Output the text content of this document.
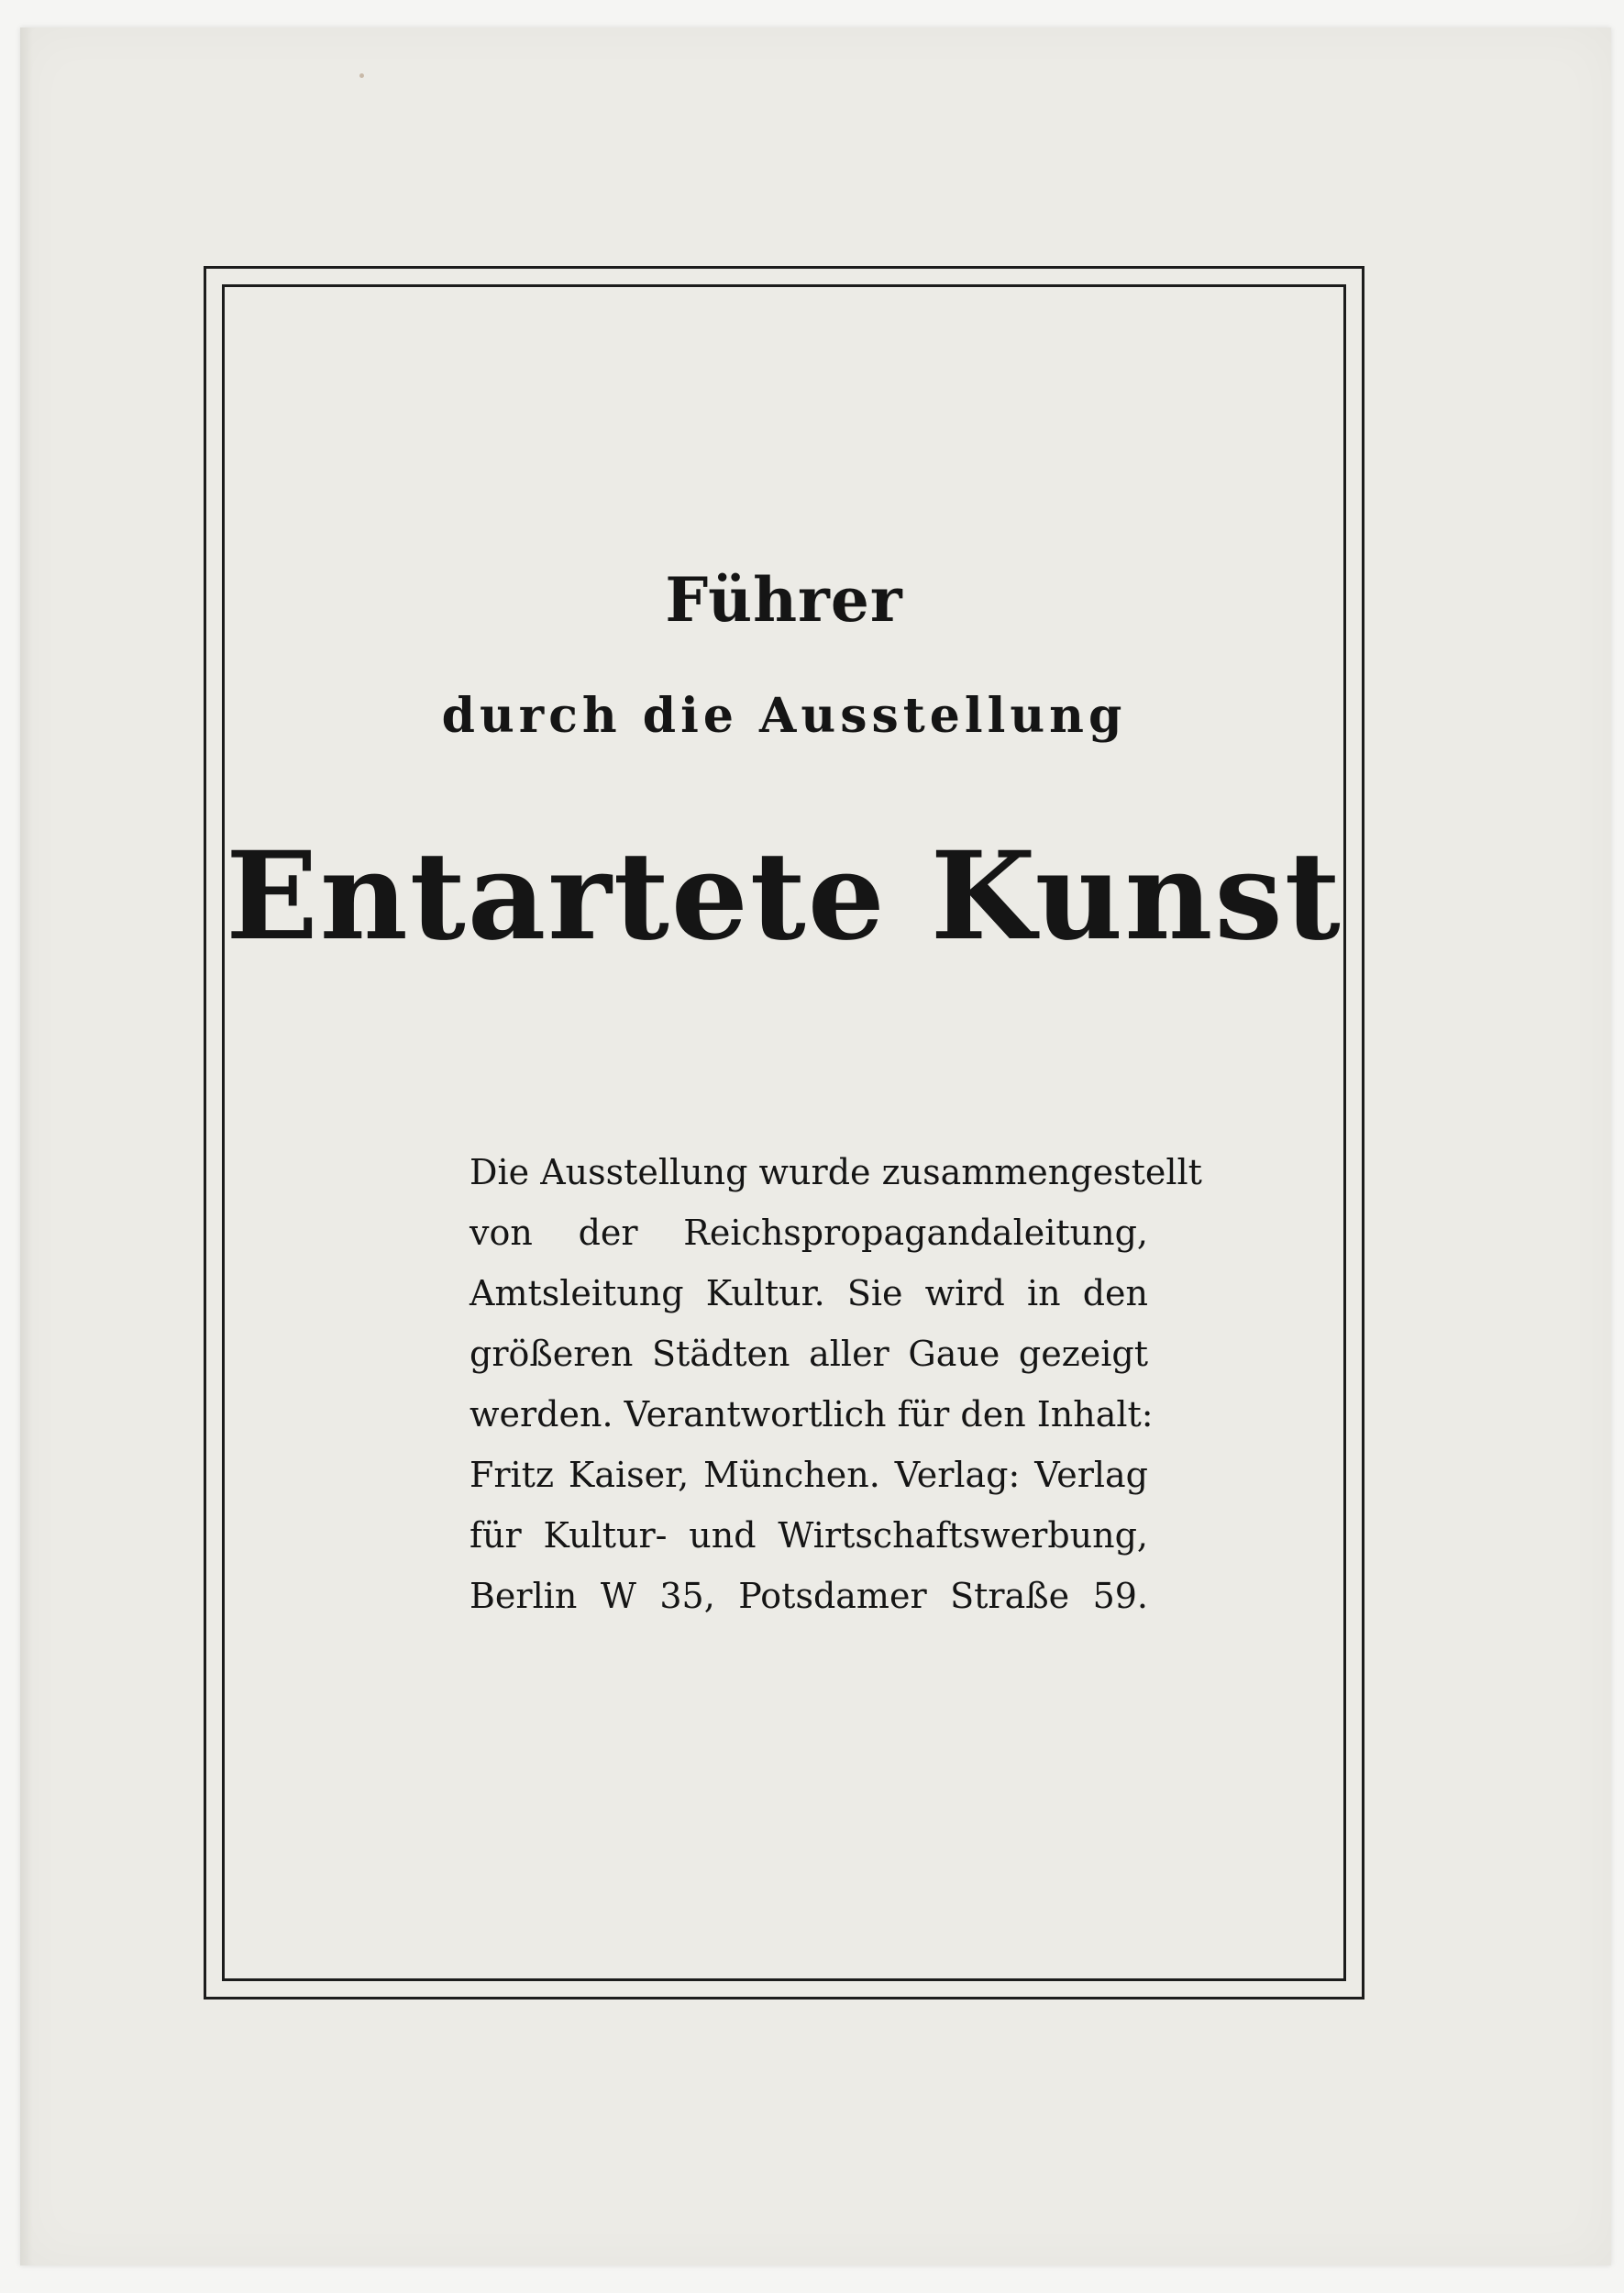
Führer
durch die Ausstellung
Entartete Kunst
Die Ausstellung wurde zusammengestellt
von der Reichspropagandaleitung,
Amtsleitung Kultur. Sie wird in den
größeren Städten aller Gaue gezeigt
werden. Verantwortlich für den Inhalt:
Fritz Kaiser, München. Verlag: Verlag
für Kultur- und Wirtschaftswerbung,
Berlin W 35, Potsdamer Straße 59.
